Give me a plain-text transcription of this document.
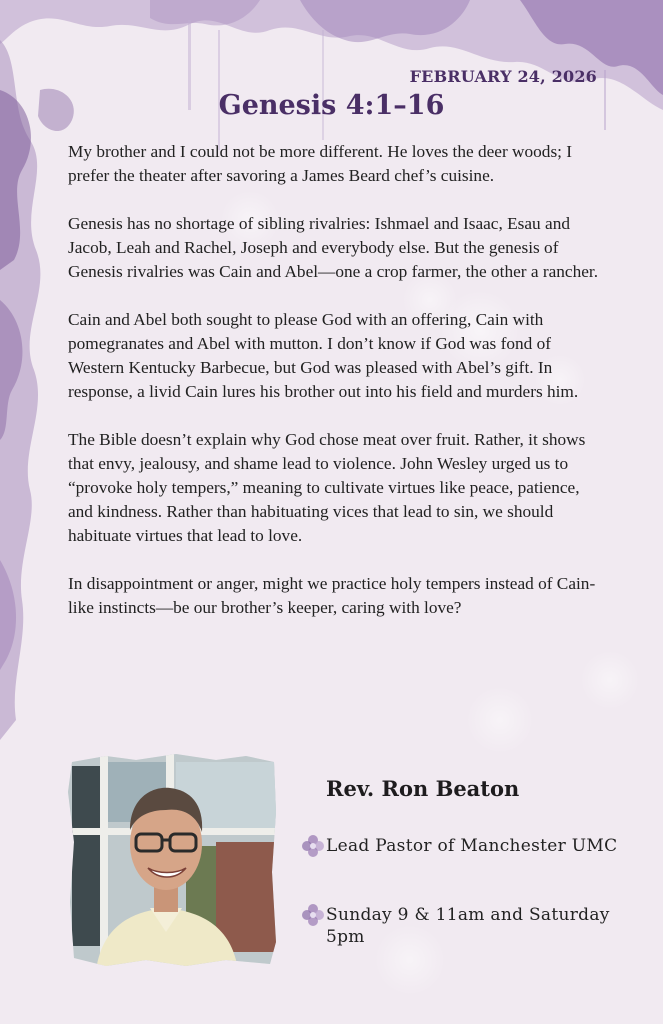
FEBRUARY 24, 2026
Genesis 4:1–16

My brother and I could not be more different. He loves the deer woods; I prefer the theater after savoring a James Beard chef’s cuisine.

Genesis has no shortage of sibling rivalries: Ishmael and Isaac, Esau and Jacob, Leah and Rachel, Joseph and everybody else. But the genesis of Genesis rivalries was Cain and Abel—one a crop farmer, the other a rancher.

Cain and Abel both sought to please God with an offering, Cain with pomegranates and Abel with mutton. I don’t know if God was fond of Western Kentucky Barbecue, but God was pleased with Abel’s gift. In response, a livid Cain lures his brother out into his field and murders him.

The Bible doesn’t explain why God chose meat over fruit. Rather, it shows that envy, jealousy, and shame lead to violence. John Wesley urged us to “provoke holy tempers,” meaning to cultivate virtues like peace, patience, and kindness. Rather than habituating vices that lead to sin, we should habituate virtues that lead to love.

In disappointment or anger, might we practice holy tempers instead of Cain-like instincts—be our brother’s keeper, caring with love?

Rev. Ron Beaton
Lead Pastor of Manchester UMC
Sunday 9 & 11am and Saturday 5pm
